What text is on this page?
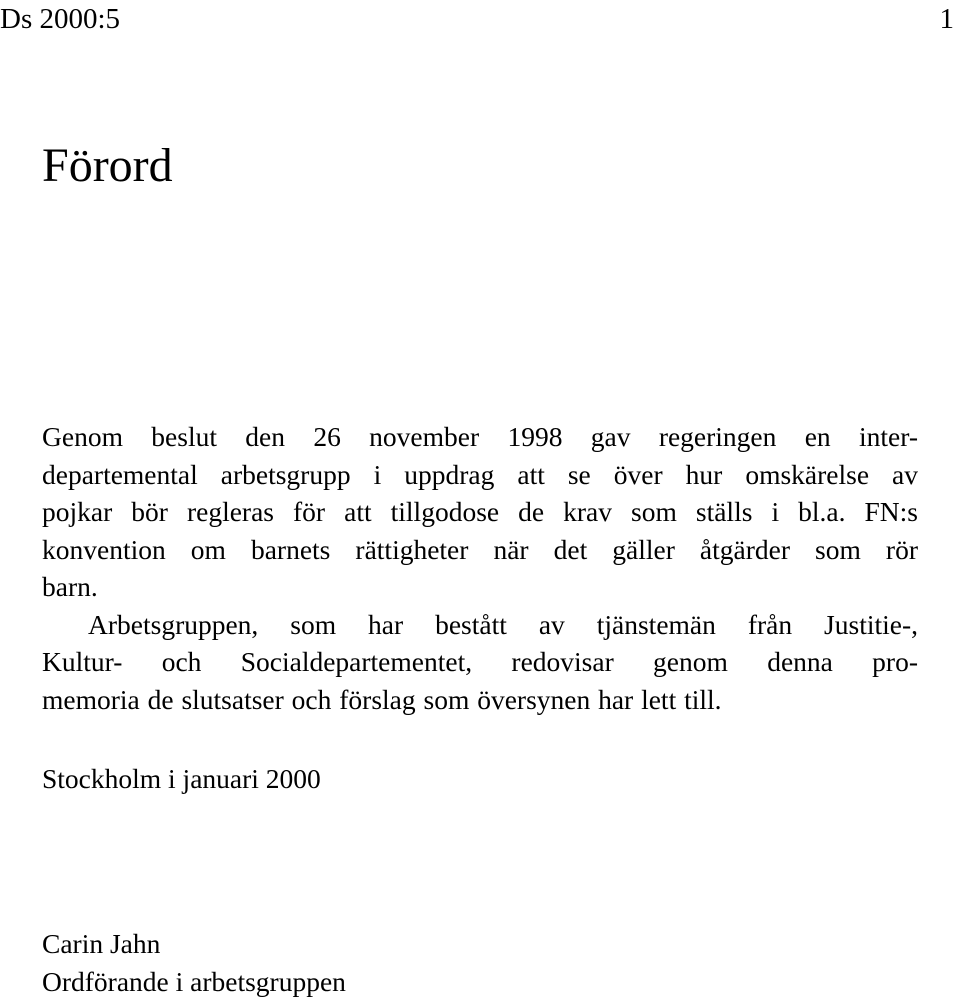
Ds 2000:5	1
Förord
Genom beslut den 26 november 1998 gav regeringen en inter-
departemental arbetsgrupp i uppdrag att se över hur omskärelse av
pojkar bör regleras för att tillgodose de krav som ställs i bl.a. FN:s
konvention om barnets rättigheter när det gäller åtgärder som rör
barn.
Arbetsgruppen, som har bestått av tjänstemän från Justitie-,
Kultur- och Socialdepartementet, redovisar genom denna pro-
memoria de slutsatser och förslag som översynen har lett till.
Stockholm i januari 2000
Carin Jahn
Ordförande i arbetsgruppen
